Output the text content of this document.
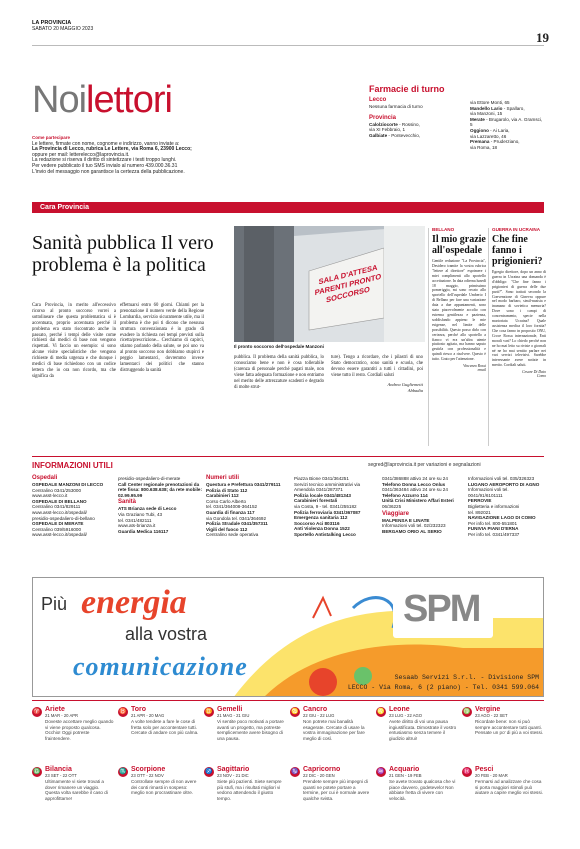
LA PROVINCIA
SABATO 20 MAGGIO 2023
19
Noilettori
Come partecipare
Le lettere, firmate con nome, cognome e indirizzo, vanno inviate a:
La Provincia di Lecco, rubrica Le Lettere, via Roma 6, 23900 Lecco;
oppure per mail: letterelecco@laprovincia.it.
La redazione si riserva il diritto di sintetizzare i testi troppo lunghi.
Per vedere pubblicato il tuo SMS invialo al numero 439.000.36.31
L'invio del messaggio non garantisce la certezza della pubblicazione.
Farmacie di turno
Lecco
Nessuna farmacia di turno
Provincia
Calolziocorte - Rossino,
via XI Febbraio, 1
Galbiate - Pontevecchio,
via Ettore Monti, 65
Mandello Lario - Spallaro,
via Manzoni, 15
Merate - Brugarolo, via A. Gramsci, 5
Oggiono - Ai Laria,
via Lazzaretto, 46
Premana - Pruderziano,
via Roma, 18
Cara Provincia
Sanità pubblica Il vero problema è la politica
Cara Provincia, in merito all'eccessivo ricorso al pronto soccorso vorrei a sottolineare che questa problematica si è accentuata, proprio accentuata perché il problema era stato riscontrato anche in passato, perché i tempi delle visite come richiesti dai medici di base non vengono rispettati. Vi faccio un esempio: si sono alcune visite specialistiche che vengono richieste di media urgenza e che dunque i medici di base richiedono con un codice lettera che io ora non ricordo, ma che significa da
effettuarsi entro 60 giorni. Chiami per la prenotazione il numero verde della Regione Lombardia, servizio sicuramente utile, ma il problema è che poi ti dicono che nessuna struttura convenzionata è in grado di evadere la richiesta nei tempi previsti sulla ricetta/prescrizione... Cerchiamo di capirci, stiamo parlando della salute, se poi uno va al pronto soccorso non dobbiamo stupirci e peggio lamentarci, dovremmo invece lamentarci dei politici che stanno distruggendo la sanità
SALA D'ATTESA PARENTI PRONTO SOCCORSO
Il pronto soccorso dell'ospedale Manzoni
pubblica. Il problema della sanità pubblica, lo conosciamo bene e non è cosa tollerabile (carenza di personale perché pagati male, non viene fatta adeguata formazione e non entriamo nel merito delle attrezzature scadenti e degrado di molte strut-
ture). Tengo a ricordare, che i pilastri di uno Stato democratico, sono sanità e scuola, che devono essere garantiti a tutti i cittadini, poi viene tutto il resto. Cordiali saluti
Andrea Gugliemetti
Abbadia
BELLANO
Il mio grazie all'ospedale
Gentile redazione "La Provincia", Desidero tramite la vostra rubrica "lettere al direttore" esprimere i miei complimenti allo sportello accettazione. In data odierna lunedì 18 maggio, primissimo pomeriggio, mi sono recato allo sportello dell'ospedale Umberto I di Bellano per fare una variazione data a due appuntamenti, sono stato piacevolmente accolto con estrema gentilezza e pazienza, soddisfando appieno le mie esigenze, nel limite delle possibilità. Questo posso dirlo con certezza, perché allo sportello a fianco vi era un'altra utente piuttosto agitata, ma hanno saputo gestirla con professionalità e quindi riesco a risolvere. Questo è tutto. Grato per l'attenzione.
Vincenzo Rossi
email
GUERRA IN UCRAINA
Che fine fanno i prigionieri?
Egregio direttore, dopo un anno di guerra in Ucraina una domanda è d'obbligo: "Che fine fanno i prigionieri di guerra delle due parti?". Sono trattati secondo la Convenzione di Ginevra oppure nel modo barbaro, simil-nazista e inumano di sovietica memoria? Dove sono i campi di concentramento, specie nella martoriata Ucraina? Quale assistenza medica il loro fornita? Che cosa fanno in proposito ONU, Croce Rossa internazionale, Enti morali vari? Lo chiedo perché non ne ho mai letto su riviste o giornali né ne ho mai sentito parlare nei vari servizi televisivi. Sarebbe interessante avere notizie in merito. Cordiali saluti.
Cesare Di Dato
Como
INFORMAZIONI UTILI	segred@laprovincia.it per variazioni e segnalazioni
Ospedali
OSPEDALE MANZONI DI LECCO
Centralino 0341/253000
www.asst-lecco.it
OSPEDALE DI BELLANO
Centralino 0341/829111
www.asst-lecco.it/ospedali/
presidio-ospedaliero-di-bellano
OSPEDALE DI MERATE
Centralino 039/5916000
www.asst-lecco.it/ospedali/
presidio-ospedaliero-di-merate
Call Center regionale prenotazioni da rete fissa: 800.638.638; da rete mobile: 02.99.95.99
Sanità
ATS Brianza sede di Lecco
Via Graziano Tubi, 43
tel. 0341/482111
www.ats-brianza.it
Guardia Medica 116117
Numeri utili
Questura e Prefettura 0341/279111
Polizia di Stato 112
Carabinieri 112
Corso Carlo Alberto
tel. 0341/364008-364152
Guardia di finanza 117
via Gondola tel. 0341/364692
Polizia Stradale 0341/357311
Vigili del fuoco 112
Centralino sede operativa
Piazza Bione 0341/364251
Servizi tecnico amministrativi via
Amendola 0341/287371
Polizia locale 0341/481343
Carabinieri forestali
via Costa, 9 - tel. 0341/255182
Polizia ferroviaria 0341/367087
Emergenza sanitaria 112
Soccorso Aci 803116
Anti Violenza Donna 1522
Sportello Antistalking Lecco
0341/386888 attivo 24 ore su 24
Telefono Donna Lecco Onlus
0341/363484 attivo 24 ore su 24
Telefono Azzurro 114
Unità Crisi Ministero Affari Esteri
06/36225
Viaggiare
MALPENSA E LINATE
Informazioni voli tel. 02/232323
BERGAMO ORIO AL SERIO
Informazioni voli tel. 035/326323
LUGANO AEROPORTO DI AGNO
Informazioni voli tel.
0041/91/6101111
FERROVIE
Biglietteria e informazioni
tel. 892021
NAVIGAZIONE LAGO DI COMO
Per info tel. 800-551801
FUNIVIA PIANI D'ERNA
Per info tel. 0341/497337
Più energia
alla vostra
comunicazione
SPM
Sesaab Servizi S.r.l. - Divisione SPM
LECCO - Via Roma, 6 (2 piano) - Tel. 0341 599.064
♈ Ariete
21 MAR - 20 APR
Doveste accettare meglio quando vi viene proposto qualcosa. Occhio! Oggi potreste fraintendere.
♉ Toro
21 APR - 20 MAG
A volte tendete a fare le cose di fretta solo per accontentare tutti. Cercate di andare con più calma.
♊ Gemelli
21 MAG - 21 GIU
Vi sentite poco motivati a portare avanti un progetto, ma potreste semplicemente avere bisogno di una pausa.
♋ Cancro
22 GIU - 22 LUG
Non potrete mai banalità esagerate. Cercate di usare la vostra immaginazione per fare meglio di così.
♌ Leone
23 LUG - 22 AGO
Avete diritto di voi una pausa ingiustificata. Dimostrate il vostro entusiasmo senza temere il giudizio altrui!
♍ Vergine
23 AGO - 22 SET
Ricordate bene: non si può sempre accontentare tutti quanti. Pensate un po' di più a voi stessi.
♎ Bilancia
23 SET - 22 OTT
Ultimamente vi siete trovati a dover rimanere un viaggio. Questa volta sarebbe il caso di approfittarne!
♏ Scorpione
23 OTT - 22 NOV
Controllate sempre di non avere dei conti rimasti in sospeso: meglio non procrastinare oltre.
♐ Sagittario
23 NOV - 21 DIC
Siete più pazienti. Siete sempre più stufi, ma i risultati migliori vi vedono attendendo il giusto tempo.
♑ Capricorno
22 DIC - 20 GEN
Prendete sempre più impegni di quanti ne potete portare a termine, per cui è normale avere qualche svista.
♒ Acquario
21 GEN - 19 FEB
Se avete trovato qualcosa che vi piace davvero, godetevelo! Non abbiate fretta di vivere con velocità.
♓ Pesci
20 FEB - 20 MAR
Fermarsi ad analizzare che cosa si porta maggiori stimoli può aiutare a capire meglio voi stessi.
